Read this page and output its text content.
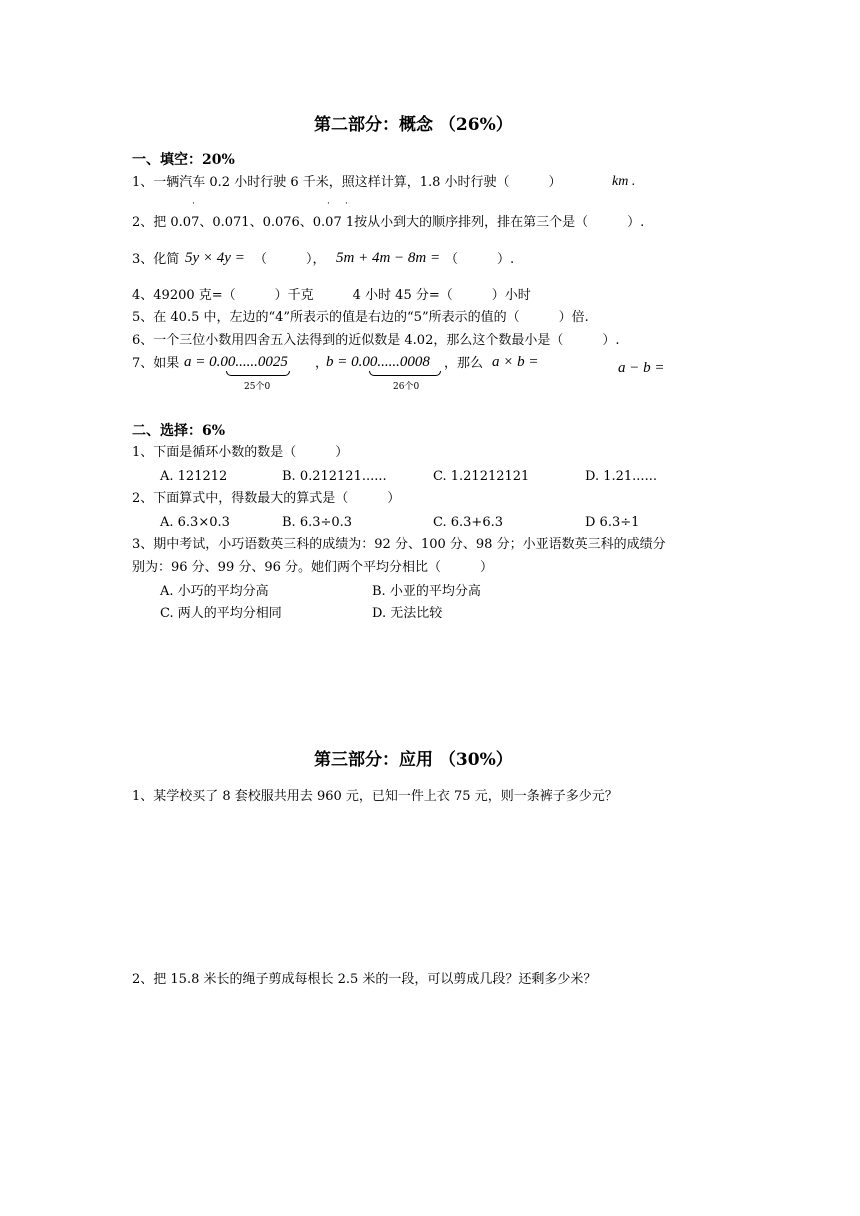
第二部分：概念 （26%）
一、填空：20%
1、一辆汽车 0.2 小时行驶 6 千米，照这样计算，1.8 小时行驶（　　　）	km .
·	· ·
2、把 0.07、0.071、0.076、0.07 1按从小到大的顺序排列，排在第三个是（　　　）.
3、化简 5y × 4y = （　　　）， 5m + 4m − 8m = （　　　）.
4、49200 克=（　　　）千克　　　4 小时 45 分=（　　　）小时
5、在 40.5 中，左边的“4”所表示的值是右边的“5”所表示的值的（　　　）倍.
6、一个三位小数用四舍五入法得到的近似数是 4.02，那么这个数最小是（　　　）.
7、如果 a = 0.00......0025 ，
b = 0.00......0008 ，那么 a × b =	a − b =
25个0	26个0
二、选择：6%
1、下面是循环小数的数是（　　　）
A. 121212	B. 0.212121......	C. 1.21212121	D. 1.21......
2、下面算式中，得数最大的算式是（　　　）
A. 6.3×0.3	B. 6.3÷0.3	C. 6.3+6.3	D 6.3÷1
3、期中考试，小巧语数英三科的成绩为：92 分、100 分、98 分；小亚语数英三科的成绩分
别为：96 分、99 分、96 分。她们两个平均分相比（　　　）
A. 小巧的平均分高	B. 小亚的平均分高
C. 两人的平均分相同	D. 无法比较
第三部分：应用 （30%）
1、某学校买了 8 套校服共用去 960 元，已知一件上衣 75 元，则一条裤子多少元？
2、把 15.8 米长的绳子剪成每根长 2.5 米的一段，可以剪成几段？还剩多少米？
